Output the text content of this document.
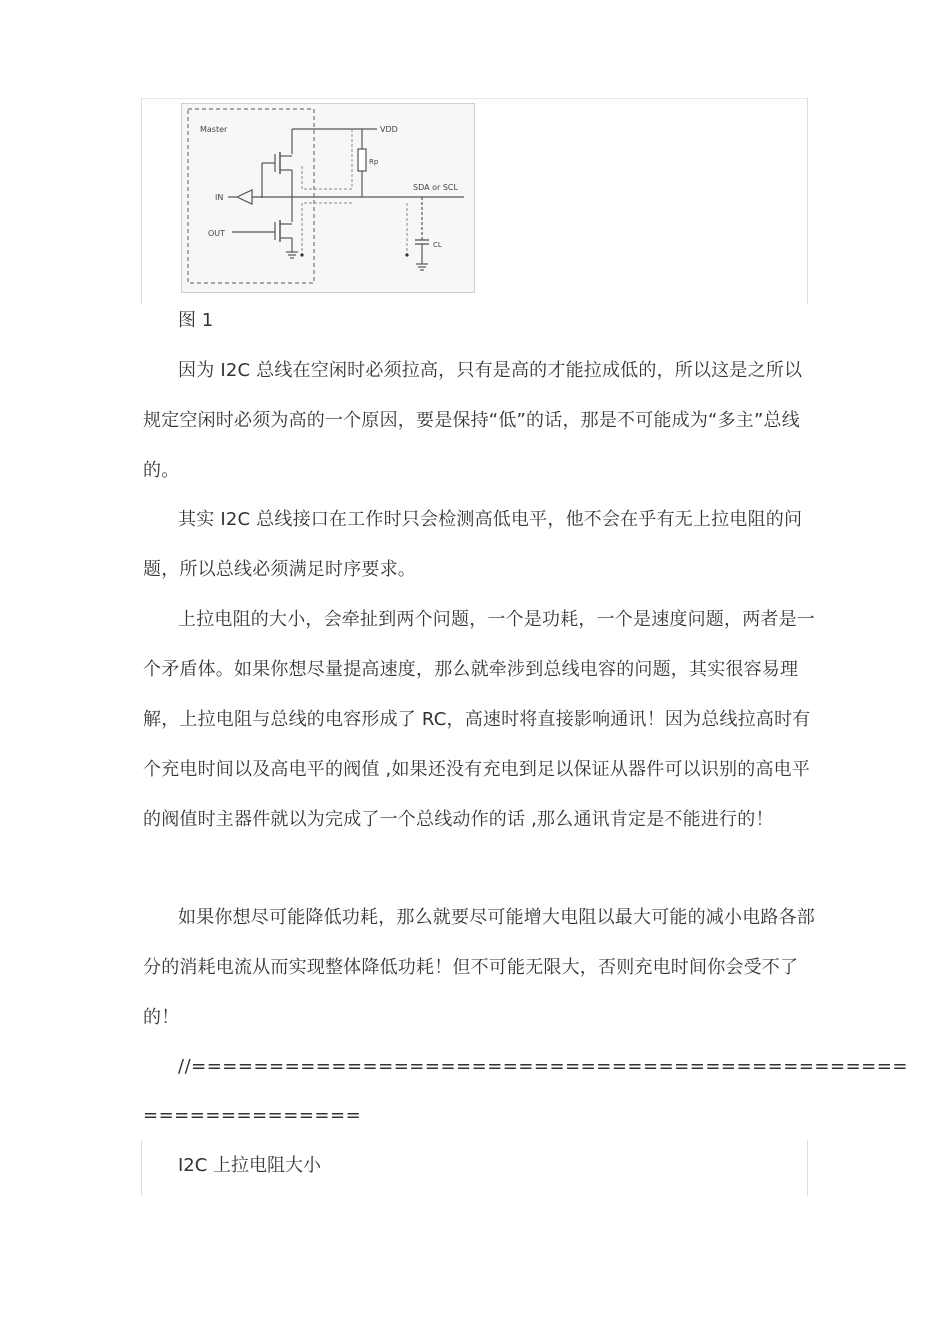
Master	VDD
IN
SDA or SCL
Rp
OUT
CL
图 1

因为 I2C 总线在空闲时必须拉高，只有是高的才能拉成低的，所以这是之所以规定空闲时必须为高的一个原因，要是保持“低”的话，那是不可能成为“多主”总线的。

其实 I2C 总线接口在工作时只会检测高低电平，他不会在乎有无上拉电阻的问题，所以总线必须满足时序要求。

上拉电阻的大小，会牵扯到两个问题，一个是功耗，一个是速度问题，两者是一个矛盾体。如果你想尽量提高速度，那么就牵涉到总线电容的问题，其实很容易理解，上拉电阻与总线的电容形成了 RC，高速时将直接影响通讯！因为总线拉高时有个充电时间以及高电平的阀值 ,如果还没有充电到足以保证从器件可以识别的高电平的阀值时主器件就以为完成了一个总线动作的话 ,那么通讯肯定是不能进行的！

如果你想尽可能降低功耗，那么就要尽可能增大电阻以最大可能的减小电路各部分的消耗电流从而实现整体降低功耗！但不可能无限大，否则充电时间你会受不了的！

//==============================================
==============
I2C 上拉电阻大小
